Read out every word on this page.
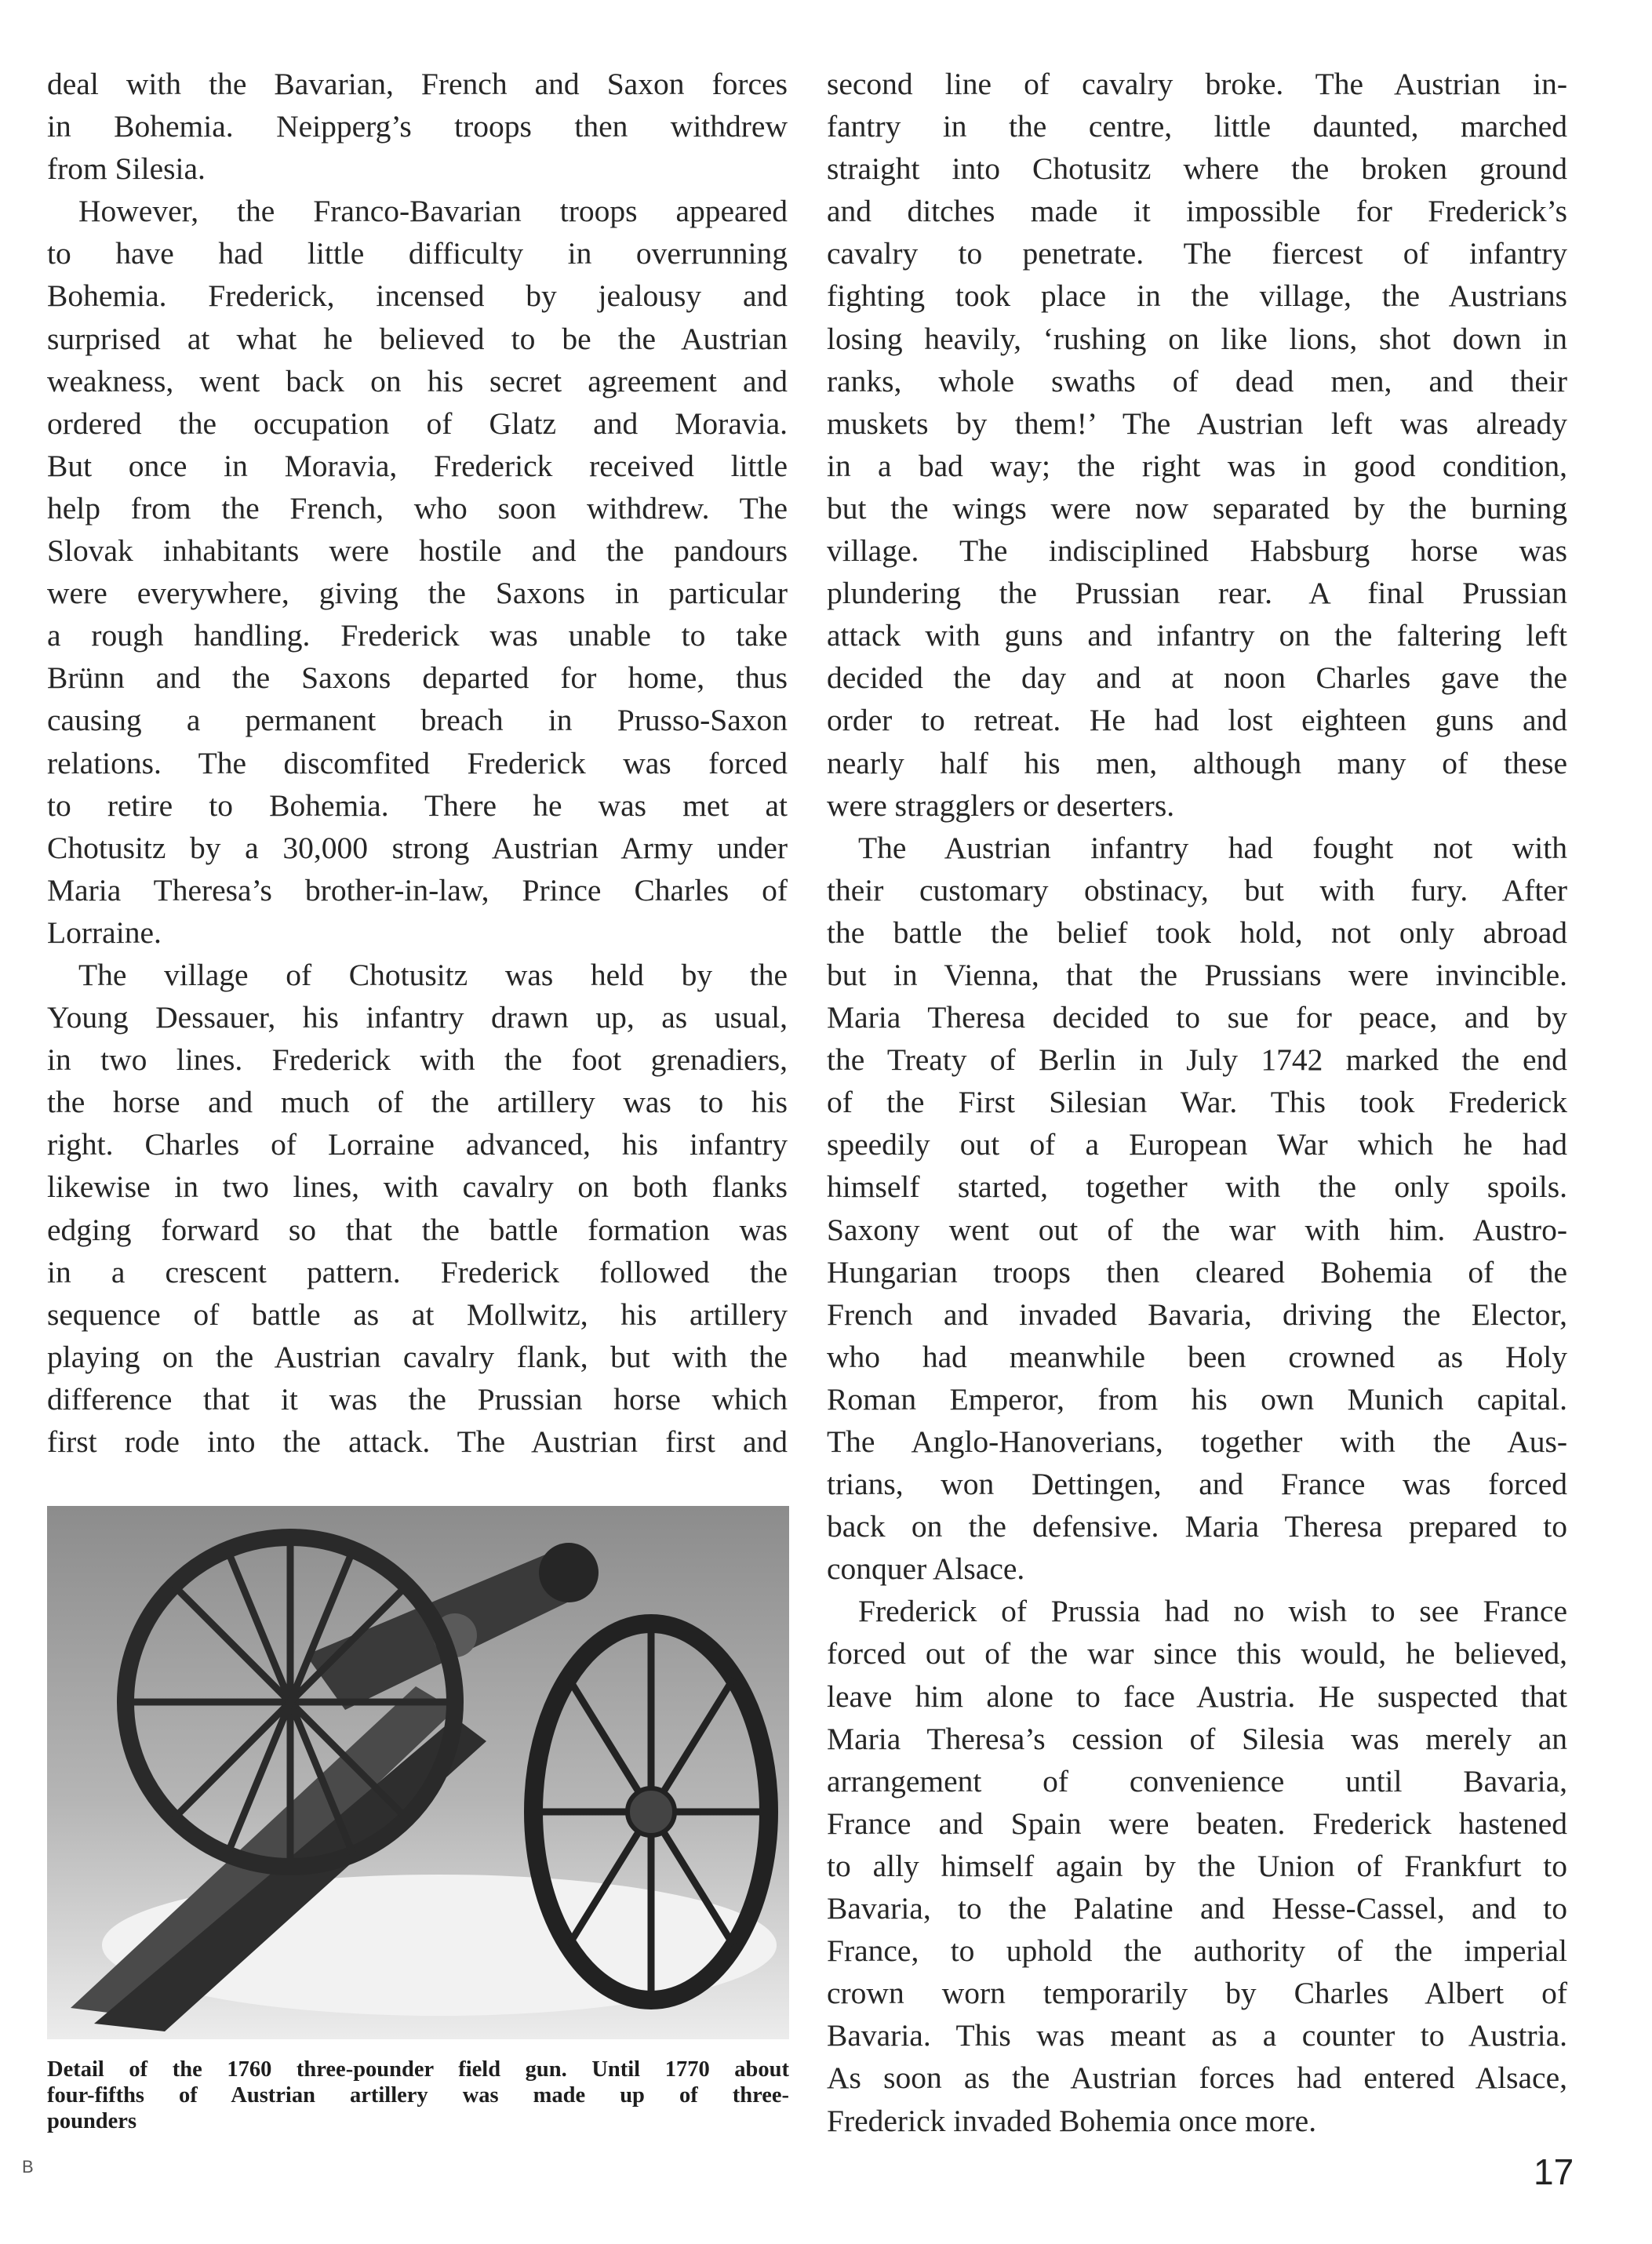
deal with the Bavarian, French and Saxon forces
in Bohemia. Neipperg’s troops then withdrew
from Silesia.
However, the Franco-Bavarian troops appeared
to have had little difficulty in overrunning
Bohemia. Frederick, incensed by jealousy and
surprised at what he believed to be the Austrian
weakness, went back on his secret agreement and
ordered the occupation of Glatz and Moravia.
But once in Moravia, Frederick received little
help from the French, who soon withdrew. The
Slovak inhabitants were hostile and the pandours
were everywhere, giving the Saxons in particular
a rough handling. Frederick was unable to take
Brünn and the Saxons departed for home, thus
causing a permanent breach in Prusso-Saxon
relations. The discomfited Frederick was forced
to retire to Bohemia. There he was met at
Chotusitz by a 30,000 strong Austrian Army under
Maria Theresa’s brother-in-law, Prince Charles of
Lorraine.
The village of Chotusitz was held by the
Young Dessauer, his infantry drawn up, as usual,
in two lines. Frederick with the foot grenadiers,
the horse and much of the artillery was to his
right. Charles of Lorraine advanced, his infantry
likewise in two lines, with cavalry on both flanks
edging forward so that the battle formation was
in a crescent pattern. Frederick followed the
sequence of battle as at Mollwitz, his artillery
playing on the Austrian cavalry flank, but with the
difference that it was the Prussian horse which
first rode into the attack. The Austrian first and
second line of cavalry broke. The Austrian in-
fantry in the centre, little daunted, marched
straight into Chotusitz where the broken ground
and ditches made it impossible for Frederick’s
cavalry to penetrate. The fiercest of infantry
fighting took place in the village, the Austrians
losing heavily, ‘rushing on like lions, shot down in
ranks, whole swaths of dead men, and their
muskets by them!’ The Austrian left was already
in a bad way; the right was in good condition,
but the wings were now separated by the burning
village. The indisciplined Habsburg horse was
plundering the Prussian rear. A final Prussian
attack with guns and infantry on the faltering left
decided the day and at noon Charles gave the
order to retreat. He had lost eighteen guns and
nearly half his men, although many of these
were stragglers or deserters.
The Austrian infantry had fought not with
their customary obstinacy, but with fury. After
the battle the belief took hold, not only abroad
but in Vienna, that the Prussians were invincible.
Maria Theresa decided to sue for peace, and by
the Treaty of Berlin in July 1742 marked the end
of the First Silesian War. This took Frederick
speedily out of a European War which he had
himself started, together with the only spoils.
Saxony went out of the war with him. Austro-
Hungarian troops then cleared Bohemia of the
French and invaded Bavaria, driving the Elector,
who had meanwhile been crowned as Holy
Roman Emperor, from his own Munich capital.
The Anglo-Hanoverians, together with the Aus-
trians, won Dettingen, and France was forced
back on the defensive. Maria Theresa prepared to
conquer Alsace.
Frederick of Prussia had no wish to see France
forced out of the war since this would, he believed,
leave him alone to face Austria. He suspected that
Maria Theresa’s cession of Silesia was merely an
arrangement of convenience until Bavaria,
France and Spain were beaten. Frederick hastened
to ally himself again by the Union of Frankfurt to
Bavaria, to the Palatine and Hesse-Cassel, and to
France, to uphold the authority of the imperial
crown worn temporarily by Charles Albert of
Bavaria. This was meant as a counter to Austria.
As soon as the Austrian forces had entered Alsace,
Frederick invaded Bohemia once more.
Detail of the 1760 three-pounder field gun. Until 1770 about
four-fifths of Austrian artillery was made up of three-
pounders
B	17
